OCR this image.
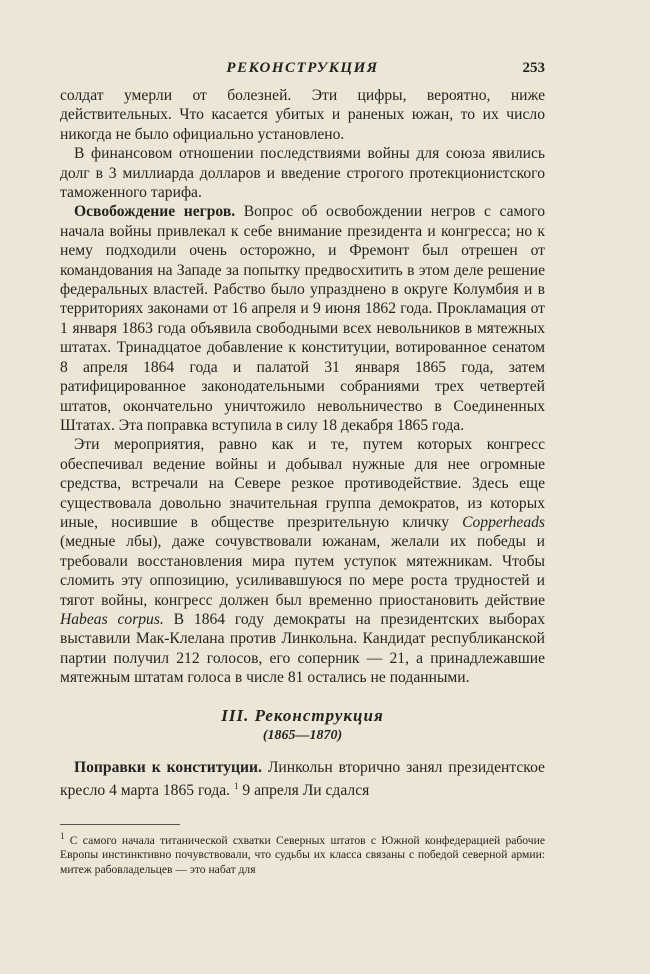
РЕКОНСТРУКЦИЯ	253

солдат умерли от болезней. Эти цифры, вероятно, ниже действительных. Что касается убитых и раненых южан, то их число никогда не было официально установлено.

В финансовом отношении последствиями войны для союза явились долг в 3 миллиарда долларов и введение строгого протекционистского таможенного тарифа.

Освобождение негров. Вопрос об освобождении негров с самого начала войны привлекал к себе внимание президента и конгресса; но к нему подходили очень осторожно, и Фремонт был отрешен от командования на Западе за попытку предвосхитить в этом деле решение федеральных властей. Рабство было упразднено в округе Колумбия и в территориях законами от 16 апреля и 9 июня 1862 года. Прокламация от 1 января 1863 года объявила свободными всех невольников в мятежных штатах. Тринадцатое добавление к конституции, вотированное сенатом 8 апреля 1864 года и палатой 31 января 1865 года, затем ратифицированное законодательными собраниями трех четвертей штатов, окончательно уничтожило невольничество в Соединенных Штатах. Эта поправка вступила в силу 18 декабря 1865 года.

Эти мероприятия, равно как и те, путем которых конгресс обеспечивал ведение войны и добывал нужные для нее огромные средства, встречали на Севере резкое противодействие. Здесь еще существовала довольно значительная группа демократов, из которых иные, носившие в обществе презрительную кличку Copperheads (медные лбы), даже сочувствовали южанам, желали их победы и требовали восстановления мира путем уступок мятежникам. Чтобы сломить эту оппозицию, усиливавшуюся по мере роста трудностей и тягот войны, конгресс должен был временно приостановить действие Habeas corpus. В 1864 году демократы на президентских выборах выставили Мак-Клелана против Линкольна. Кандидат республиканской партии получил 212 голосов, его соперник — 21, а принадлежавшие мятежным штатам голоса в числе 81 остались не поданными.

III. Реконструкция
(1865—1870)

Поправки к конституции. Линкольн вторично занял президентское кресло 4 марта 1865 года. $^1$ 9 апреля Ли сдался

$^1$ С самого начала титанической схватки Северных штатов с Южной конфедерацией рабочие Европы инстинктивно почувствовали, что судьбы их класса связаны с победой северной армии: митеж рабовладельцев — это набат для
